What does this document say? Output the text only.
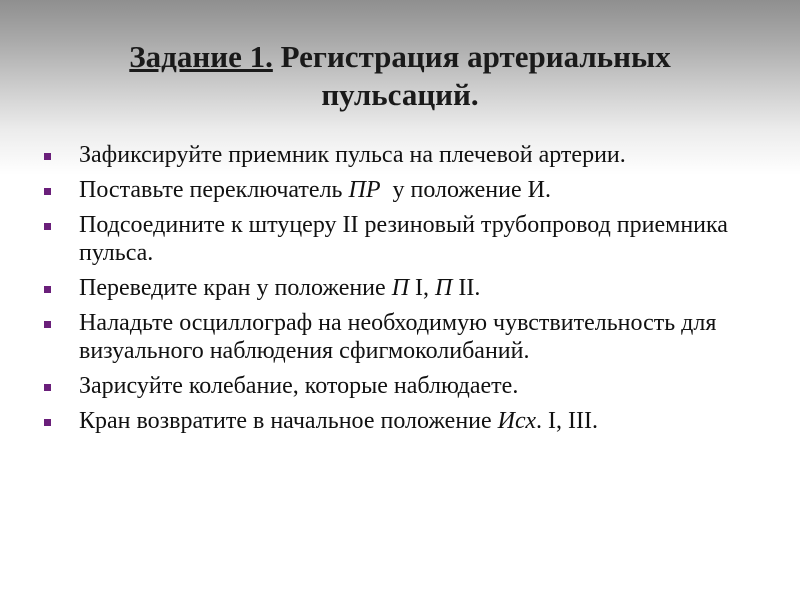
Задание 1. Регистрация артериальных пульсаций.
Зафиксируйте приемник пульса на плечевой артерии.
Поставьте переключатель ПР  у положение И.
Подсоедините к штуцеру II резиновый трубопровод приемника пульса.
Переведите кран у положение П I, П II.
Наладьте осциллограф на необходимую чувствительность для визуального наблюдения сфигмоколибаний.
Зарисуйте колебание, которые наблюдаете.
Кран возвратите в начальное положение Исх. I, III.
